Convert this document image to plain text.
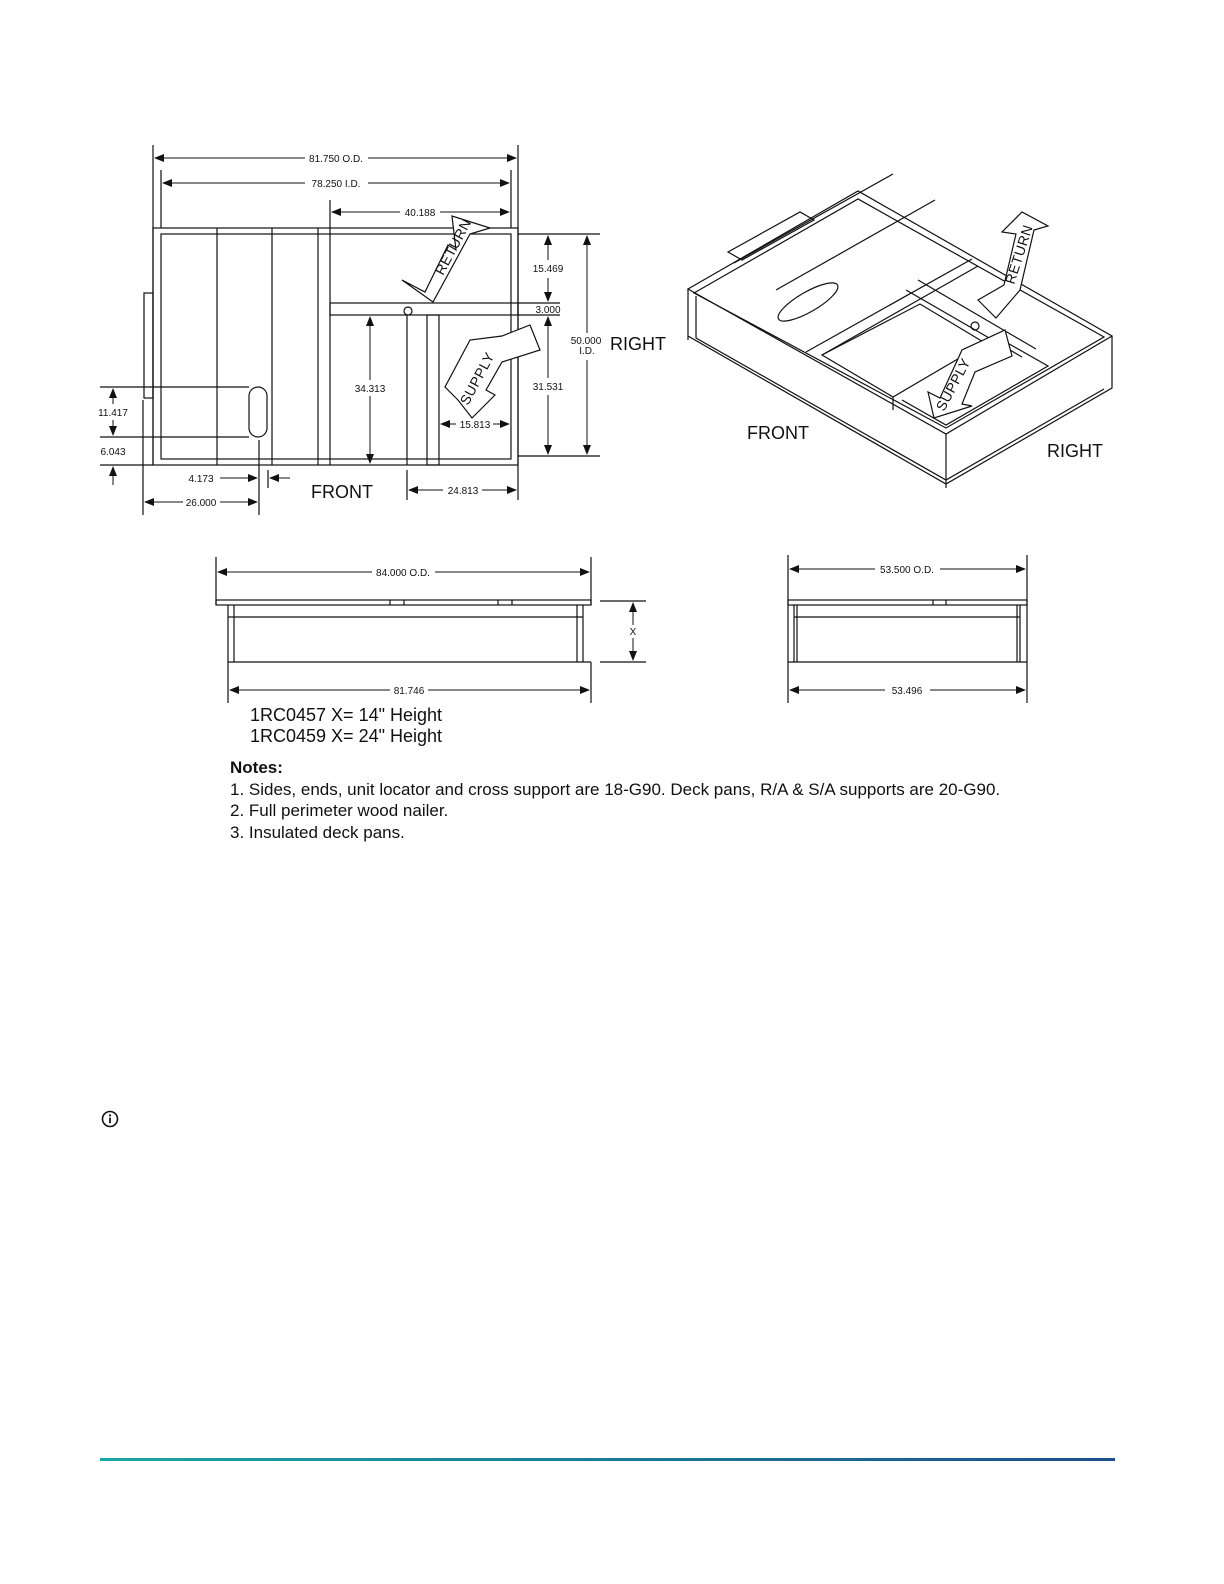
81.750 O.D.
78.250 I.D.
40.188
15.469
3.000
50.000
I.D.
31.531
34.313
15.813
24.813
11.417
6.043
4.173
26.000
RIGHT
FRONT
RETURN
SUPPLY
RETURN
SUPPLY
FRONT
RIGHT
84.000 O.D.
81.746
X
53.500 O.D.
53.496
1RC0457 X= 14" Height
1RC0459 X= 24" Height
Notes:
1. Sides, ends, unit locator and cross support are 18-G90. Deck pans, R/A & S/A supports are 20-G90.
2. Full perimeter wood nailer.
3. Insulated deck pans.
